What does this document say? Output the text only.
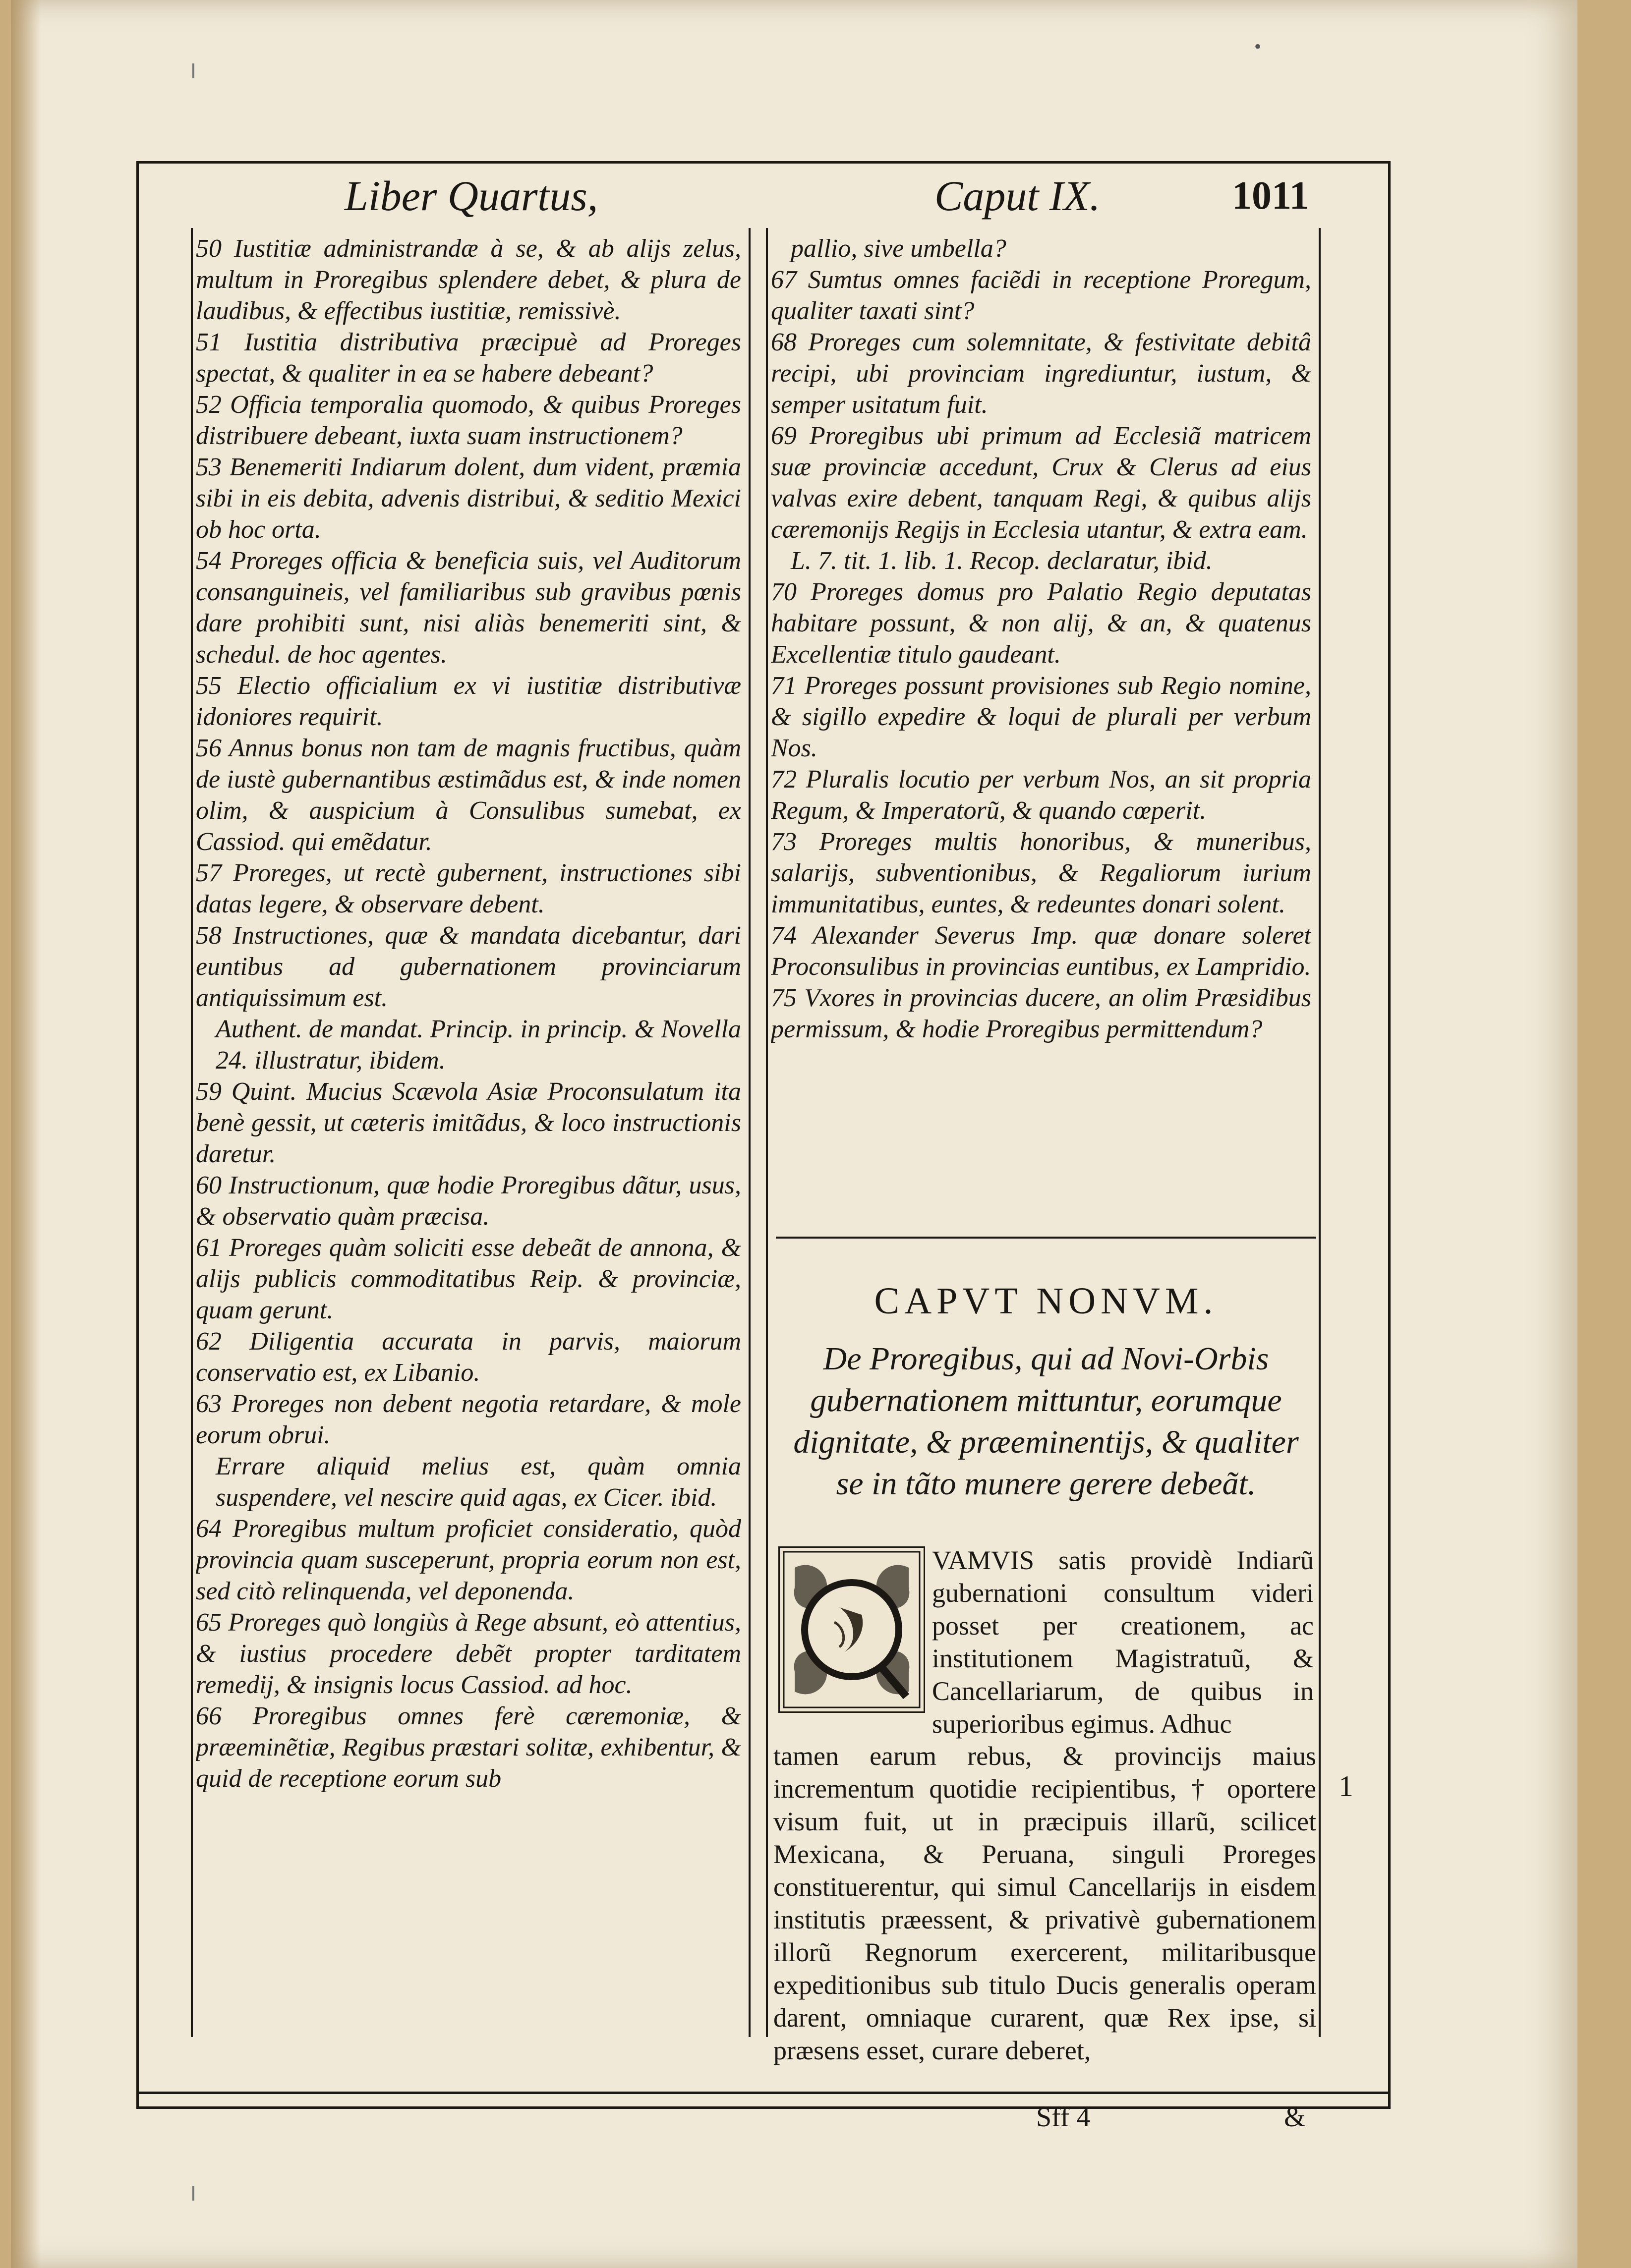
•
Liber Quartus,	Caput IX.	1011

50 Iustitiæ administrandæ à se, & ab alijs zelus, multum in Proregibus splendere debet, & plura de laudibus, & effectibus iustitiæ, remissivè.

51 Iustitia distributiva præcipuè ad Proreges spectat, & qualiter in ea se habere debeant?

52 Officia temporalia quomodo, & quibus Proreges distribuere debeant, iuxta suam instructionem?

53 Benemeriti Indiarum dolent, dum vident, præmia sibi in eis debita, advenis distribui, & seditio Mexici ob hoc orta.

54 Proreges officia & beneficia suis, vel Auditorum consanguineis, vel familiaribus sub gravibus pœnis dare prohibiti sunt, nisi aliàs benemeriti sint, & schedul. de hoc agentes.

55 Electio officialium ex vi iustitiæ distributivæ idoniores requirit.

56 Annus bonus non tam de magnis fructibus, quàm de iustè gubernantibus æstimãdus est, & inde nomen olim, & auspicium à Consulibus sumebat, ex Cassiod. qui emẽdatur.

57 Proreges, ut rectè gubernent, instructiones sibi datas legere, & observare debent.

58 Instructiones, quæ & mandata dicebantur, dari euntibus ad gubernationem provinciarum antiquissimum est.

Authent. de mandat. Princip. in princip. & Novella 24. illustratur, ibidem.

59 Quint. Mucius Scævola Asiæ Proconsulatum ita benè gessit, ut cæteris imitãdus, & loco instructionis daretur.

60 Instructionum, quæ hodie Proregibus dãtur, usus, & observatio quàm præcisa.

61 Proreges quàm soliciti esse debeãt de annona, & alijs publicis commoditatibus Reip. & provinciæ, quam gerunt.

62 Diligentia accurata in parvis, maiorum conservatio est, ex Libanio.

63 Proreges non debent negotia retardare, & mole eorum obrui.

Errare aliquid melius est, quàm omnia suspendere, vel nescire quid agas, ex Cicer. ibid.

64 Proregibus multum proficiet consideratio, quòd provincia quam susceperunt, propria eorum non est, sed citò relinquenda, vel deponenda.

65 Proreges quò longiùs à Rege absunt, eò attentius, & iustius procedere debẽt propter tarditatem remedij, & insignis locus Cassiod. ad hoc.

66 Proregibus omnes ferè cæremoniæ, & præeminẽtiæ, Regibus præstari solitæ, exhibentur, & quid de receptione eorum sub

pallio, sive umbella?

67 Sumtus omnes faciẽdi in receptione Proregum, qualiter taxati sint?

68 Proreges cum solemnitate, & festivitate debitâ recipi, ubi provinciam ingrediuntur, iustum, & semper usitatum fuit.

69 Proregibus ubi primum ad Ecclesiã matricem suæ provinciæ accedunt, Crux & Clerus ad eius valvas exire debent, tanquam Regi, & quibus alijs cæremonijs Regijs in Ecclesia utantur, & extra eam.

L. 7. tit. 1. lib. 1. Recop. declaratur, ibid.

70 Proreges domus pro Palatio Regio deputatas habitare possunt, & non alij, & an, & quatenus Excellentiæ titulo gaudeant.

71 Proreges possunt provisiones sub Regio nomine, & sigillo expedire & loqui de plurali per verbum Nos.

72 Pluralis locutio per verbum Nos, an sit propria Regum, & Imperatorũ, & quando cœperit.

73 Proreges multis honoribus, & muneribus, salarijs, subventionibus, & Regaliorum iurium immunitatibus, euntes, & redeuntes donari solent.

74 Alexander Severus Imp. quæ donare soleret Proconsulibus in provincias euntibus, ex Lampridio.

75 Vxores in provincias ducere, an olim Præsidibus permissum, & hodie Proregibus permittendum?

CAPVT NONVM.
De Proregibus, qui ad Novi-Orbis gubernationem mittuntur, eorumque dignitate, & præeminentijs, & qualiter se in tãto munere gerere debeãt.
VAMVIS satis providè Indiarũ gubernationi consultum videri posset per creationem, ac institutionem Magistratuũ, & Cancellariarum, de quibus in superioribus egimus. Adhuc
tamen earum rebus, & provincijs maius incrementum quotidie recipientibus, † oportere visum fuit, ut in præcipuis illarũ, scilicet Mexicana, & Peruana, singuli Proreges constituerentur, qui simul Cancellarijs in eisdem institutis præessent, & privativè gubernationem illorũ Regnorum exercerent, militaribusque expeditionibus sub titulo Ducis generalis operam darent, omniaque curarent, quæ Rex ipse, si præsens esset, curare deberet,
1
Sff 4	&
